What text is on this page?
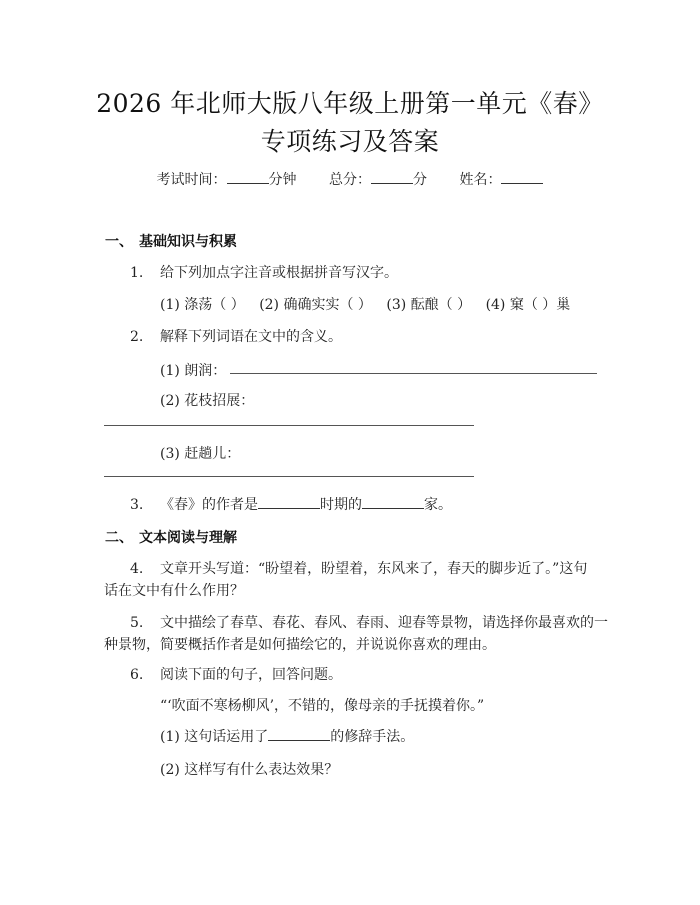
2026 年北师大版八年级上册第一单元《春》
专项练习及答案
考试时间：	分钟 总分：	分 姓名：
一、 基础知识与积累
1. 给下列加点字注音或根据拼音写汉字。
(1) 涤荡（ ） (2) 确确实实（ ） (3) 酝酿（ ） (4) 窠（ ）巢
2. 解释下列词语在文中的含义。
(1) 朗润：
(2) 花枝招展：
(3) 赶趟儿：
3. 《春》的作者是	时期的	家。
二、 文本阅读与理解
4. 文章开头写道：“盼望着，盼望着，东风来了，春天的脚步近了。”这句
话在文中有什么作用？
5. 文中描绘了春草、春花、春风、春雨、迎春等景物，请选择你最喜欢的一
种景物，简要概括作者是如何描绘它的，并说说你喜欢的理由。
6. 阅读下面的句子，回答问题。
“‘吹面不寒杨柳风’，不错的，像母亲的手抚摸着你。”
(1) 这句话运用了	的修辞手法。
(2) 这样写有什么表达效果？
